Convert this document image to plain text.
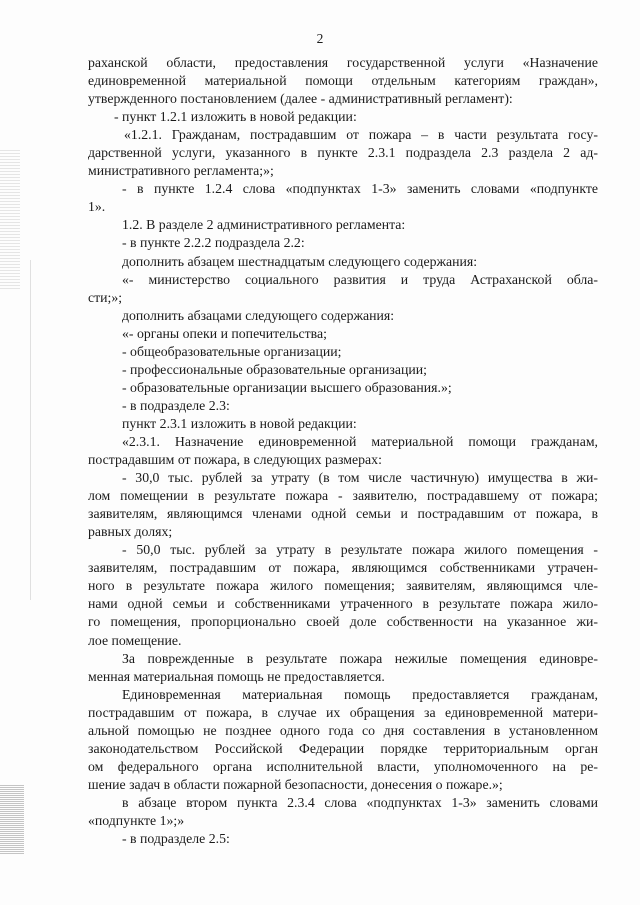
2
раханской области, предоставления государственной услуги «Назначение
единовременной материальной помощи отдельным категориям граждан»,
утвержденного постановлением (далее - административный регламент):
- пункт 1.2.1 изложить в новой редакции:
«1.2.1. Гражданам, пострадавшим от пожара – в части результата госу-
дарственной услуги, указанного в пункте 2.3.1 подраздела 2.3 раздела 2 ад-
министративного регламента;»;
- в пункте 1.2.4 слова «подпунктах 1-3» заменить словами «подпункте
1».
1.2. В разделе 2 административного регламента:
- в пункте 2.2.2 подраздела 2.2:
дополнить абзацем шестнадцатым следующего содержания:
«- министерство социального развития и труда Астраханской обла-
сти;»;
дополнить абзацами следующего содержания:
«- органы опеки и попечительства;
- общеобразовательные организации;
- профессиональные образовательные организации;
- образовательные организации высшего образования.»;
- в подразделе 2.3:
пункт 2.3.1 изложить в новой редакции:
«2.3.1. Назначение единовременной материальной помощи гражданам,
пострадавшим от пожара, в следующих размерах:
- 30,0 тыс. рублей за утрату (в том числе частичную) имущества в жи-
лом помещении в результате пожара - заявителю, пострадавшему от пожара;
заявителям, являющимся членами одной семьи и пострадавшим от пожара, в
равных долях;
- 50,0 тыс. рублей за утрату в результате пожара жилого помещения -
заявителям, пострадавшим от пожара, являющимся собственниками утрачен-
ного в результате пожара жилого помещения; заявителям, являющимся чле-
нами одной семьи и собственниками утраченного в результате пожара жило-
го помещения, пропорционально своей доле собственности на указанное жи-
лое помещение.
За поврежденные в результате пожара нежилые помещения единовре-
менная материальная помощь не предоставляется.
Единовременная материальная помощь предоставляется гражданам,
пострадавшим от пожара, в случае их обращения за единовременной матери-
альной помощью не позднее одного года со дня составления в установленном
законодательством Российской Федерации порядке территориальным орган
ом федерального органа исполнительной власти, уполномоченного на ре-
шение задач в области пожарной безопасности, донесения о пожаре.»;
в абзаце втором пункта 2.3.4 слова «подпунктах 1-3» заменить словами
«подпункте 1»;»
- в подразделе 2.5:
